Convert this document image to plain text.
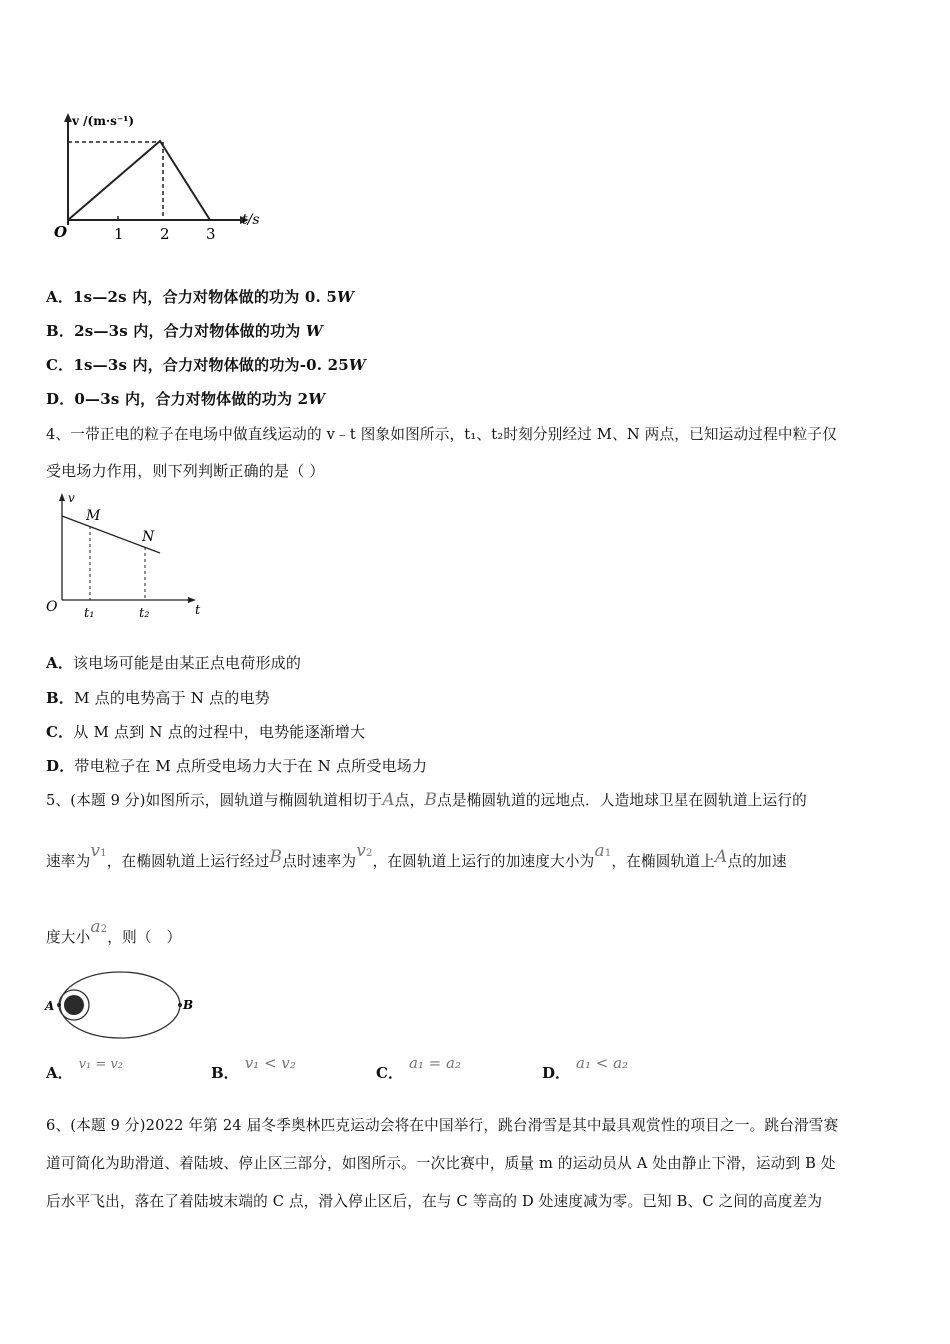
v /(m·s⁻¹)
t/s
O	1 2 3
A．1s—2s 内，合力对物体做的功为 0. 5W
B．2s—3s 内，合力对物体做的功为 W
C．1s—3s 内，合力对物体做的功为-0. 25W
D．0—3s 内，合力对物体做的功为 2W
4、一带正电的粒子在电场中做直线运动的 v﹣t 图象如图所示，t₁、t₂时刻分别经过 M、N 两点，已知运动过程中粒子仅
受电场力作用，则下列判断正确的是（ ）
v
M
N
O t₁	t₂	t
A．该电场可能是由某正点电荷形成的
B．M 点的电势高于 N 点的电势
C．从 M 点到 N 点的过程中，电势能逐渐增大
D．带电粒子在 M 点所受电场力大于在 N 点所受电场力
5、(本题 9 分)如图所示，圆轨道与椭圆轨道相切于A点，B点是椭圆轨道的远地点．人造地球卫星在圆轨道上运行的
速率为v1，在椭圆轨道上运行经过B点时速率为v2，在圆轨道上运行的加速度大小为a1，在椭圆轨道上A点的加速
度大小a2，则（　）
A	B
A． v₁ = v₂	B．v₁ < v₂
C．a₁ = a₂
D．a₁ < a₂
6、(本题 9 分)2022 年第 24 届冬季奥林匹克运动会将在中国举行，跳台滑雪是其中最具观赏性的项目之一。跳台滑雪赛
道可简化为助滑道、着陆坡、停止区三部分，如图所示。一次比赛中，质量 m 的运动员从 A 处由静止下滑，运动到 B 处
后水平飞出，落在了着陆坡末端的 C 点，滑入停止区后，在与 C 等高的 D 处速度减为零。已知 B、C 之间的高度差为
